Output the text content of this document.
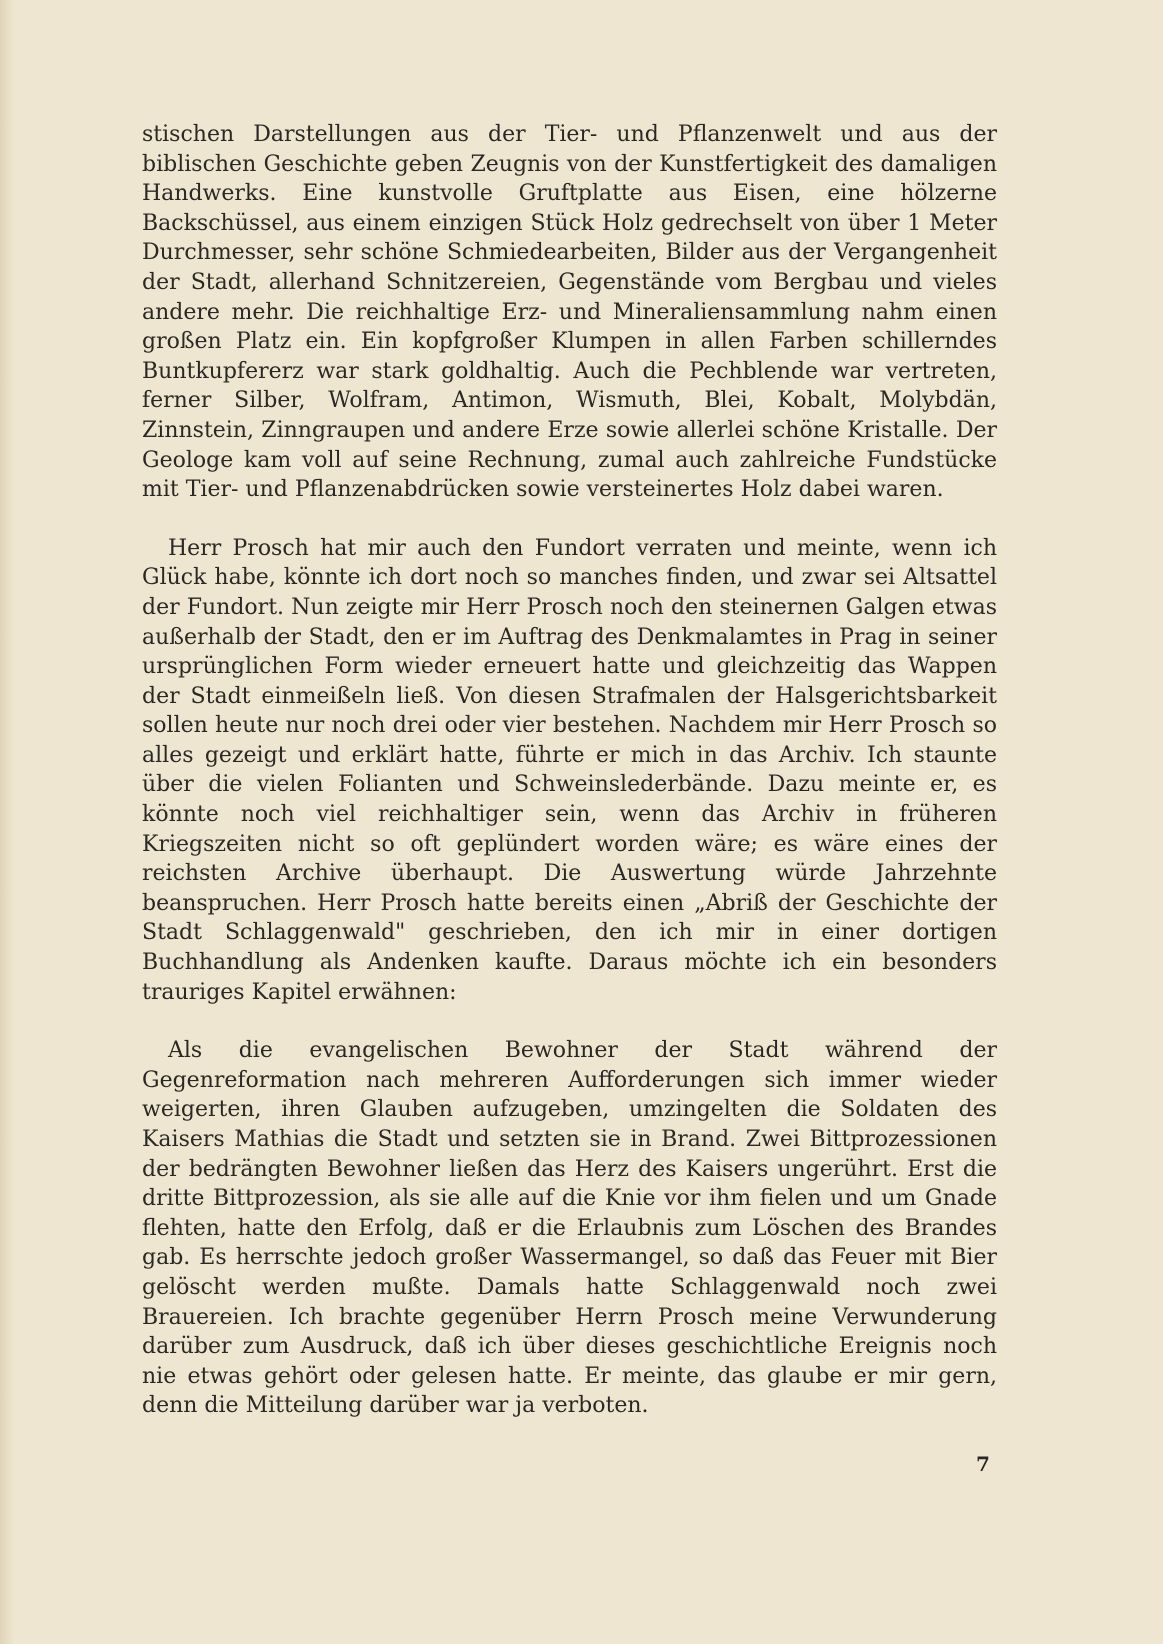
stischen Darstellungen aus der Tier- und Pflanzenwelt und aus der biblischen Geschichte geben Zeugnis von der Kunstfertigkeit des damaligen Handwerks. Eine kunstvolle Gruftplatte aus Eisen, eine hölzerne Backschüssel, aus einem einzigen Stück Holz gedrechselt von über 1 Meter Durchmesser, sehr schöne Schmiedearbeiten, Bilder aus der Vergangenheit der Stadt, allerhand Schnitzereien, Gegenstände vom Bergbau und vieles andere mehr. Die reichhaltige Erz- und Mineraliensammlung nahm einen großen Platz ein. Ein kopfgroßer Klumpen in allen Farben schillerndes Buntkupfererz war stark goldhaltig. Auch die Pechblende war vertreten, ferner Silber, Wolfram, Antimon, Wismuth, Blei, Kobalt, Molybdän, Zinnstein, Zinngraupen und andere Erze sowie allerlei schöne Kristalle. Der Geologe kam voll auf seine Rechnung, zumal auch zahlreiche Fundstücke mit Tier- und Pflanzenabdrücken sowie versteinertes Holz dabei waren.

Herr Prosch hat mir auch den Fundort verraten und meinte, wenn ich Glück habe, könnte ich dort noch so manches finden, und zwar sei Altsattel der Fundort. Nun zeigte mir Herr Prosch noch den steinernen Galgen etwas außerhalb der Stadt, den er im Auftrag des Denkmalamtes in Prag in seiner ursprünglichen Form wieder erneuert hatte und gleichzeitig das Wappen der Stadt einmeißeln ließ. Von diesen Strafmalen der Halsgerichtsbarkeit sollen heute nur noch drei oder vier bestehen. Nachdem mir Herr Prosch so alles gezeigt und erklärt hatte, führte er mich in das Archiv. Ich staunte über die vielen Folianten und Schweinslederbände. Dazu meinte er, es könnte noch viel reichhaltiger sein, wenn das Archiv in früheren Kriegszeiten nicht so oft geplündert worden wäre; es wäre eines der reichsten Archive überhaupt. Die Auswertung würde Jahrzehnte beanspruchen. Herr Prosch hatte bereits einen „Abriß der Geschichte der Stadt Schlaggenwald" geschrieben, den ich mir in einer dortigen Buchhandlung als Andenken kaufte. Daraus möchte ich ein besonders trauriges Kapitel erwähnen:

Als die evangelischen Bewohner der Stadt während der Gegenreformation nach mehreren Aufforderungen sich immer wieder weigerten, ihren Glauben aufzugeben, umzingelten die Soldaten des Kaisers Mathias die Stadt und setzten sie in Brand. Zwei Bittprozessionen der bedrängten Bewohner ließen das Herz des Kaisers ungerührt. Erst die dritte Bittprozession, als sie alle auf die Knie vor ihm fielen und um Gnade flehten, hatte den Erfolg, daß er die Erlaubnis zum Löschen des Brandes gab. Es herrschte jedoch großer Wassermangel, so daß das Feuer mit Bier gelöscht werden mußte. Damals hatte Schlaggenwald noch zwei Brauereien. Ich brachte gegenüber Herrn Prosch meine Verwunderung darüber zum Ausdruck, daß ich über dieses geschichtliche Ereignis noch nie etwas gehört oder gelesen hatte. Er meinte, das glaube er mir gern, denn die Mitteilung darüber war ja verboten.

7
